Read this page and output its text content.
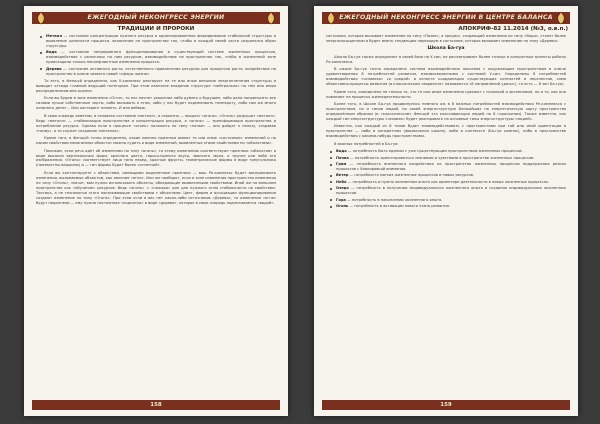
ЕЖЕГОДНЫЙ НЕКОНГРЕСС ЭНЕРГИИ
ТРАДИЦИИ И ПРОРОКИ
Металл — состояние концентрации нужного ресурса в однонаправленное формирование стабильной структуры и выявление цельности процесса, включение на пространство так, чтобы в каждой своей части сохранялся образ структуры.
Вода — состояние непрерывного функционирования в существующей системе жизненных процессов, взаимодействие с различных по ним ресурсов, взаимодействие на пространство так, чтобы в жизненной зоне происходили только неконфликтные изменения процесса.
Дерево — состояние активного роста, естественного привлечения ресурсов для процессов роста, воздействие на пространство в ключе захвата новой «сферы жизни».

То есть, в Феншуй определено, как У-комплекс реагирует на те или иные внешние энергоплетения структуры и выводит отсюда главный ведущий потенциал. При этом извечное владение структуре «нейтрально» по тем или иным распределениям-вне-оценке.

Если вы будем в зоне изменения «Огня», то нас начнет уважение либо думать о будущем, либо дела поприносить все силами лучше собственные черты, либо вызывать о этом, либо у нас будет подменивать температу, либо сам же много попалить денег... Или кастеринг планеть. И или вебвые.

В свою очередь заметим, в человеке состояние «металл», а серьезно — процесс «огонь». «Огонь» разрушит «металл». Ведь «металл» — стабилизация пространства и концентрация ресурса, а «огонь» — трансформация пространства и потребление ресурса. Однако если в процессе «огонь» положить по типу «почва» — она дойдет к пользу, создавая «почву», а та служит созданию «металла».

Кроме того, в Феншуй точно определено, какие именно признаки имеют те или иные «состояния» изменений и по каким свойствам механизмах области» можно судить о виде изменений, выявленных этими свойствами ни «объектами».

Положим, если речь идёт об изменении по типу «огонь», то этому изменению соответствуют признаки «объектов» в виде высоких вертикальных форм, красного цвета, горько-пряного вкуса, звонкого звука, о труппе или либо его изображения. «Огонь» соответствует лица типа перед, красные фрукты, геометрические формы в виде треугольника (неизвестны вершины) и — тип формы будет более «огненной».

Если вы контактируете с объектами, имеющими выделенные признаки — ваш Ре-комплекс будет воспринимать изменения, вызываемые объектом, как явление «огня». Или же наоборот, если в зоне изменения пространства изменения по типу «Огонь», значит, вам нужно использовать объекты, обладающие выявленными свойствами. Иной же на внешнем пространстве как «обучение» ресурсов. Ведь «огонь» = «пожара» для для нужного огню стабильности по свойствам. Тактика, а не технология этого показывающие свойствами с объектами. Цвет, форма и ассоциации функционирования создают изменение по типу «Огонь». При этом если в вас нет каких-либо источников «Дерева», то изменения «огня» будут недолгими — ему нужна постоянная «подпитка» в виде «дерева», которое в свою очередь подпитывается «водой».

158
ЕЖЕГОДНЫЙ НЕКОНГРЕСС ЭНЕРГИИ В ЦЕНТРЕ БАЛАНСА
АПОКРИФ-82 11.2014 (№3, о.в.п.)

состояние, которое вызывает изменение по типу «Почва», а процесс, создающий изменения по типу «Вода», станет более энергонасыщенным и будет иметь тенденцию переходом в состояние, которое вызывает изменение по типу «Дерево».

Школа Ба-гуа

Школа Ба-гуа также определяет в своей базе на У-син, но рассматривает более точные и конкретные аспекты работы Ре-комплекса.

В школе Ба-гуа точно определена система взаимодействия показана с окружающим пространством в ключе удовлетворения 8 потребностей развития, взаимосвязанными с системой У-син. Определены 8 потребностей взаимодействия «человека» со средой» в аспекте координации существующих ценностей и перспектив, сами объективно-процессы развития (в классическом «варианте» называются «8 направлений удачи»), то есть — 8 зон Ба-гуа).

Кроме того, определено не только то, что те или иные изменения сделают с психикой и организмом, но и то, как они повлияют на процессы жизнедеятельности.

Более того, в Школе Ба-гуа продвинулись немного аж в 8 важных потребностей взаимодействия Ре-комплекса с пространством, но и типов людей, по своей энергоструктуре ближайших на энергетическую карту пространства определённым образом (в «классическом» Феншуй это классификация людей по 8 гороскопам). Также известно, как каждый тип энергоструктуры «человек» будет реагировать на основные типы энергоструктуры «людей».

Известно, как каждый из 8 типов будет взаимодействовать с пространством при той или иной ориентации в пространстве — либо в конкретном (формальная школа), либо в контексте (Ба-гуа компас), либо в пространстве взаимодействия с какими-нибудь пространствами.

8 важных потребностей в Ба-гуа:

Вода — потребность быть единым с уже существующим пространством жизненных процессов.
Почва — потребность ориентироваться знаниями и чувствами в пространстве жизненных процессов.
Гром — потребность внезапного воздействия на пространство жизненных процессов поддержания резких процессов с блокировкой внимания.
Ветер — потребность мягких жизненных процессов и новых ресурсов.
Небо — потребность в нужно жизненном опыте как ориентире деятельности в новых жизненных процессах.
Озеро — потребность в получении индивидуального жизненного опыта и создания индивидуальных жизненных процессов.
Гора — потребность в накоплении жизненного опыта.
Огонь — потребность в активации нового этапа развития.
159
